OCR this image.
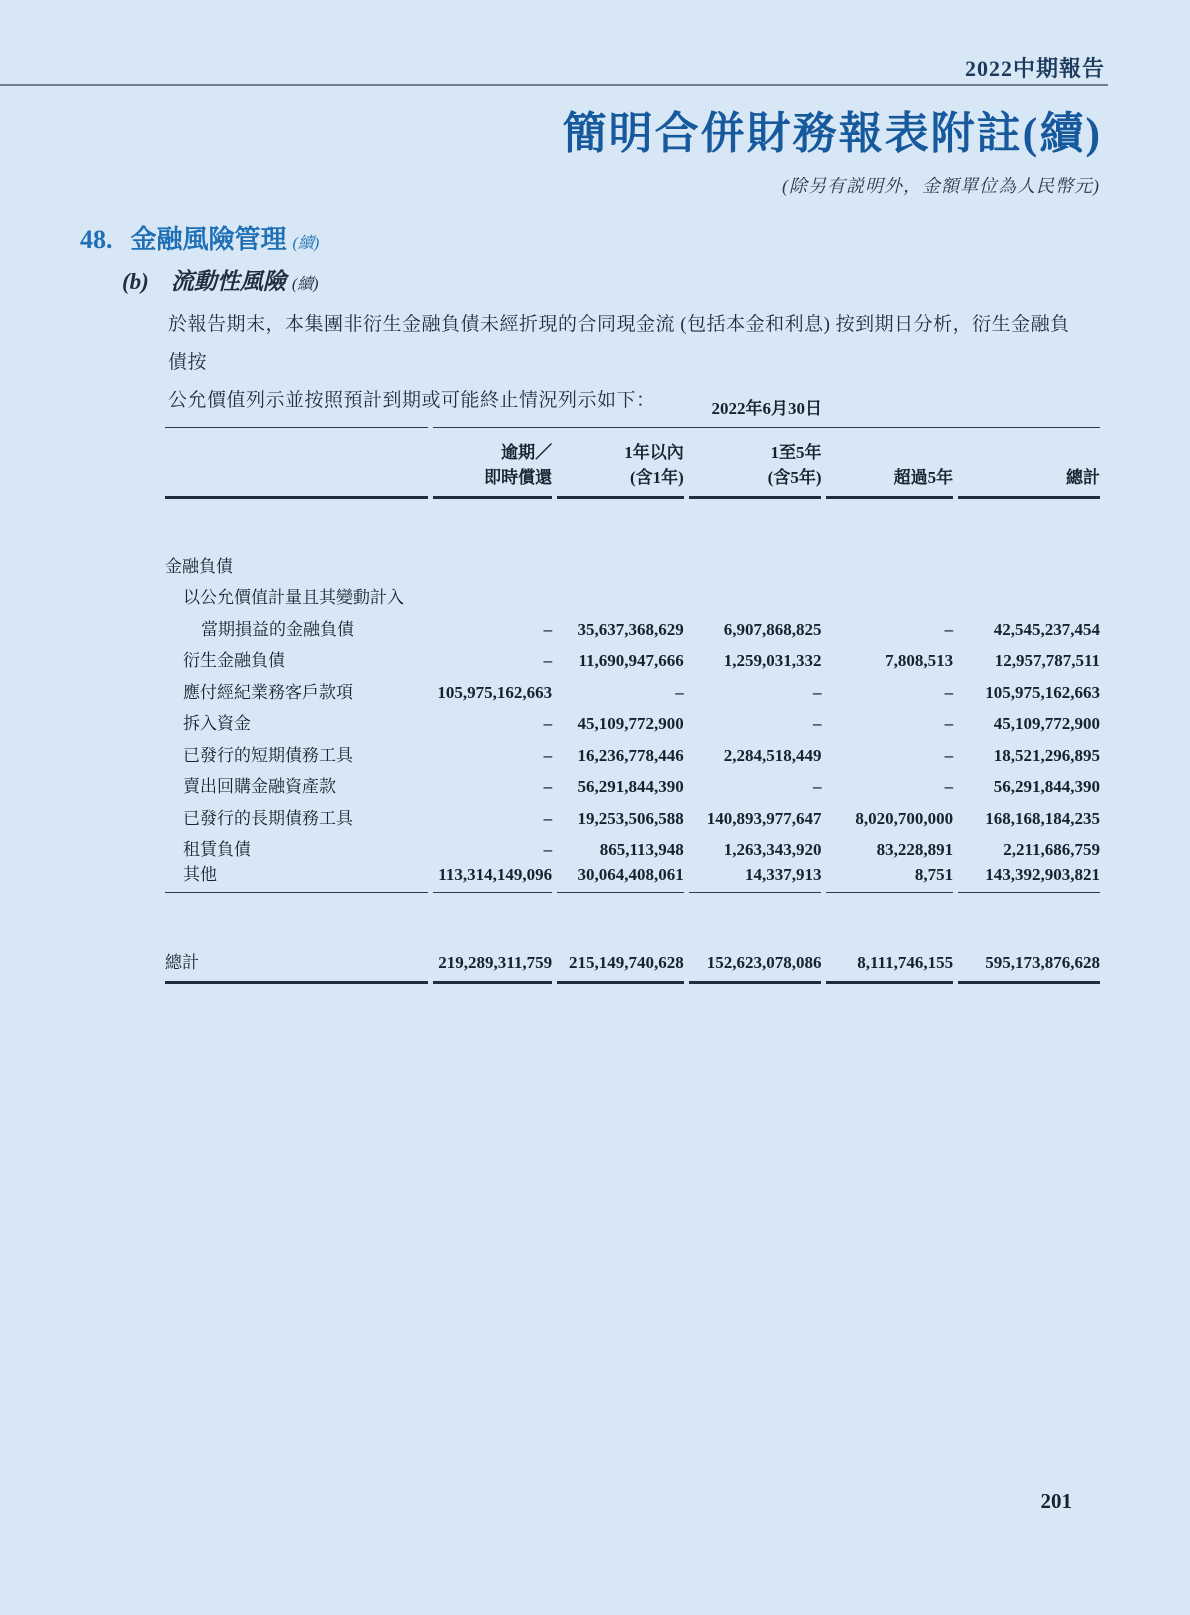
2022中期報告
簡明合併財務報表附註(續)
(除另有説明外，金額單位為人民幣元)
48. 金融風險管理 (續)
(b) 流動性風險 (續)
於報告期末，本集團非衍生金融負債未經折現的合同現金流 (包括本金和利息) 按到期日分析，衍生金融負債按
公允價值列示並按照預計到期或可能終止情況列示如下：
		2022年6月30日				
	逾期／	1年以內	1至5年		
	即時償還	(含1年)	(含5年)	超過5年	總計

金融負債					
以公允價值計量且其變動計入					
當期損益的金融負債	–	35,637,368,629	6,907,868,825	–	42,545,237,454
衍生金融負債	–	11,690,947,666	1,259,031,332	7,808,513	12,957,787,511
應付經紀業務客戶款項	105,975,162,663	–	–	–	105,975,162,663
拆入資金	–	45,109,772,900	–	–	45,109,772,900
已發行的短期債務工具	–	16,236,778,446	2,284,518,449	–	18,521,296,895
賣出回購金融資產款	–	56,291,844,390	–	–	56,291,844,390
已發行的長期債務工具	–	19,253,506,588	140,893,977,647	8,020,700,000	168,168,184,235
租賃負債	–	865,113,948	1,263,343,920	83,228,891	2,211,686,759
其他	113,314,149,096	30,064,408,061	14,337,913	8,751	143,392,903,821

總計	219,289,311,759	215,149,740,628	152,623,078,086	8,111,746,155	595,173,876,628
201
